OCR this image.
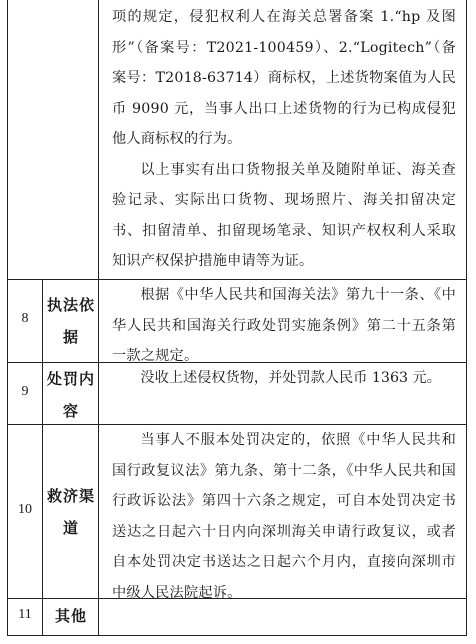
项的规定，侵犯权利人在海关总署备案 1.“hp 及图形”（备案号：T2021-100459）、2.“Logitech”（备案号：T2018-63714）商标权，上述货物案值为人民币 9090 元，当事人出口上述货物的行为已构成侵犯他人商标权的行为。

以上事实有出口货物报关单及随附单证、海关查验记录、实际出口货物、现场照片、海关扣留决定书、扣留清单、扣留现场笔录、知识产权权利人采取知识产权保护措施申请等为证。

8
执法依据
根据《中华人民共和国海关法》第九十一条、《中华人民共和国海关行政处罚实施条例》第二十五条第一款之规定。
9
处罚内容
没收上述侵权货物，并处罚款人民币 1363 元。
10
救济渠道
当事人不服本处罚决定的，依照《中华人民共和国行政复议法》第九条、第十二条，《中华人民共和国行政诉讼法》第四十六条之规定，可自本处罚决定书送达之日起六十日内向深圳海关申请行政复议，或者自本处罚决定书送达之日起六个月内，直接向深圳市中级人民法院起诉。
11	其他
